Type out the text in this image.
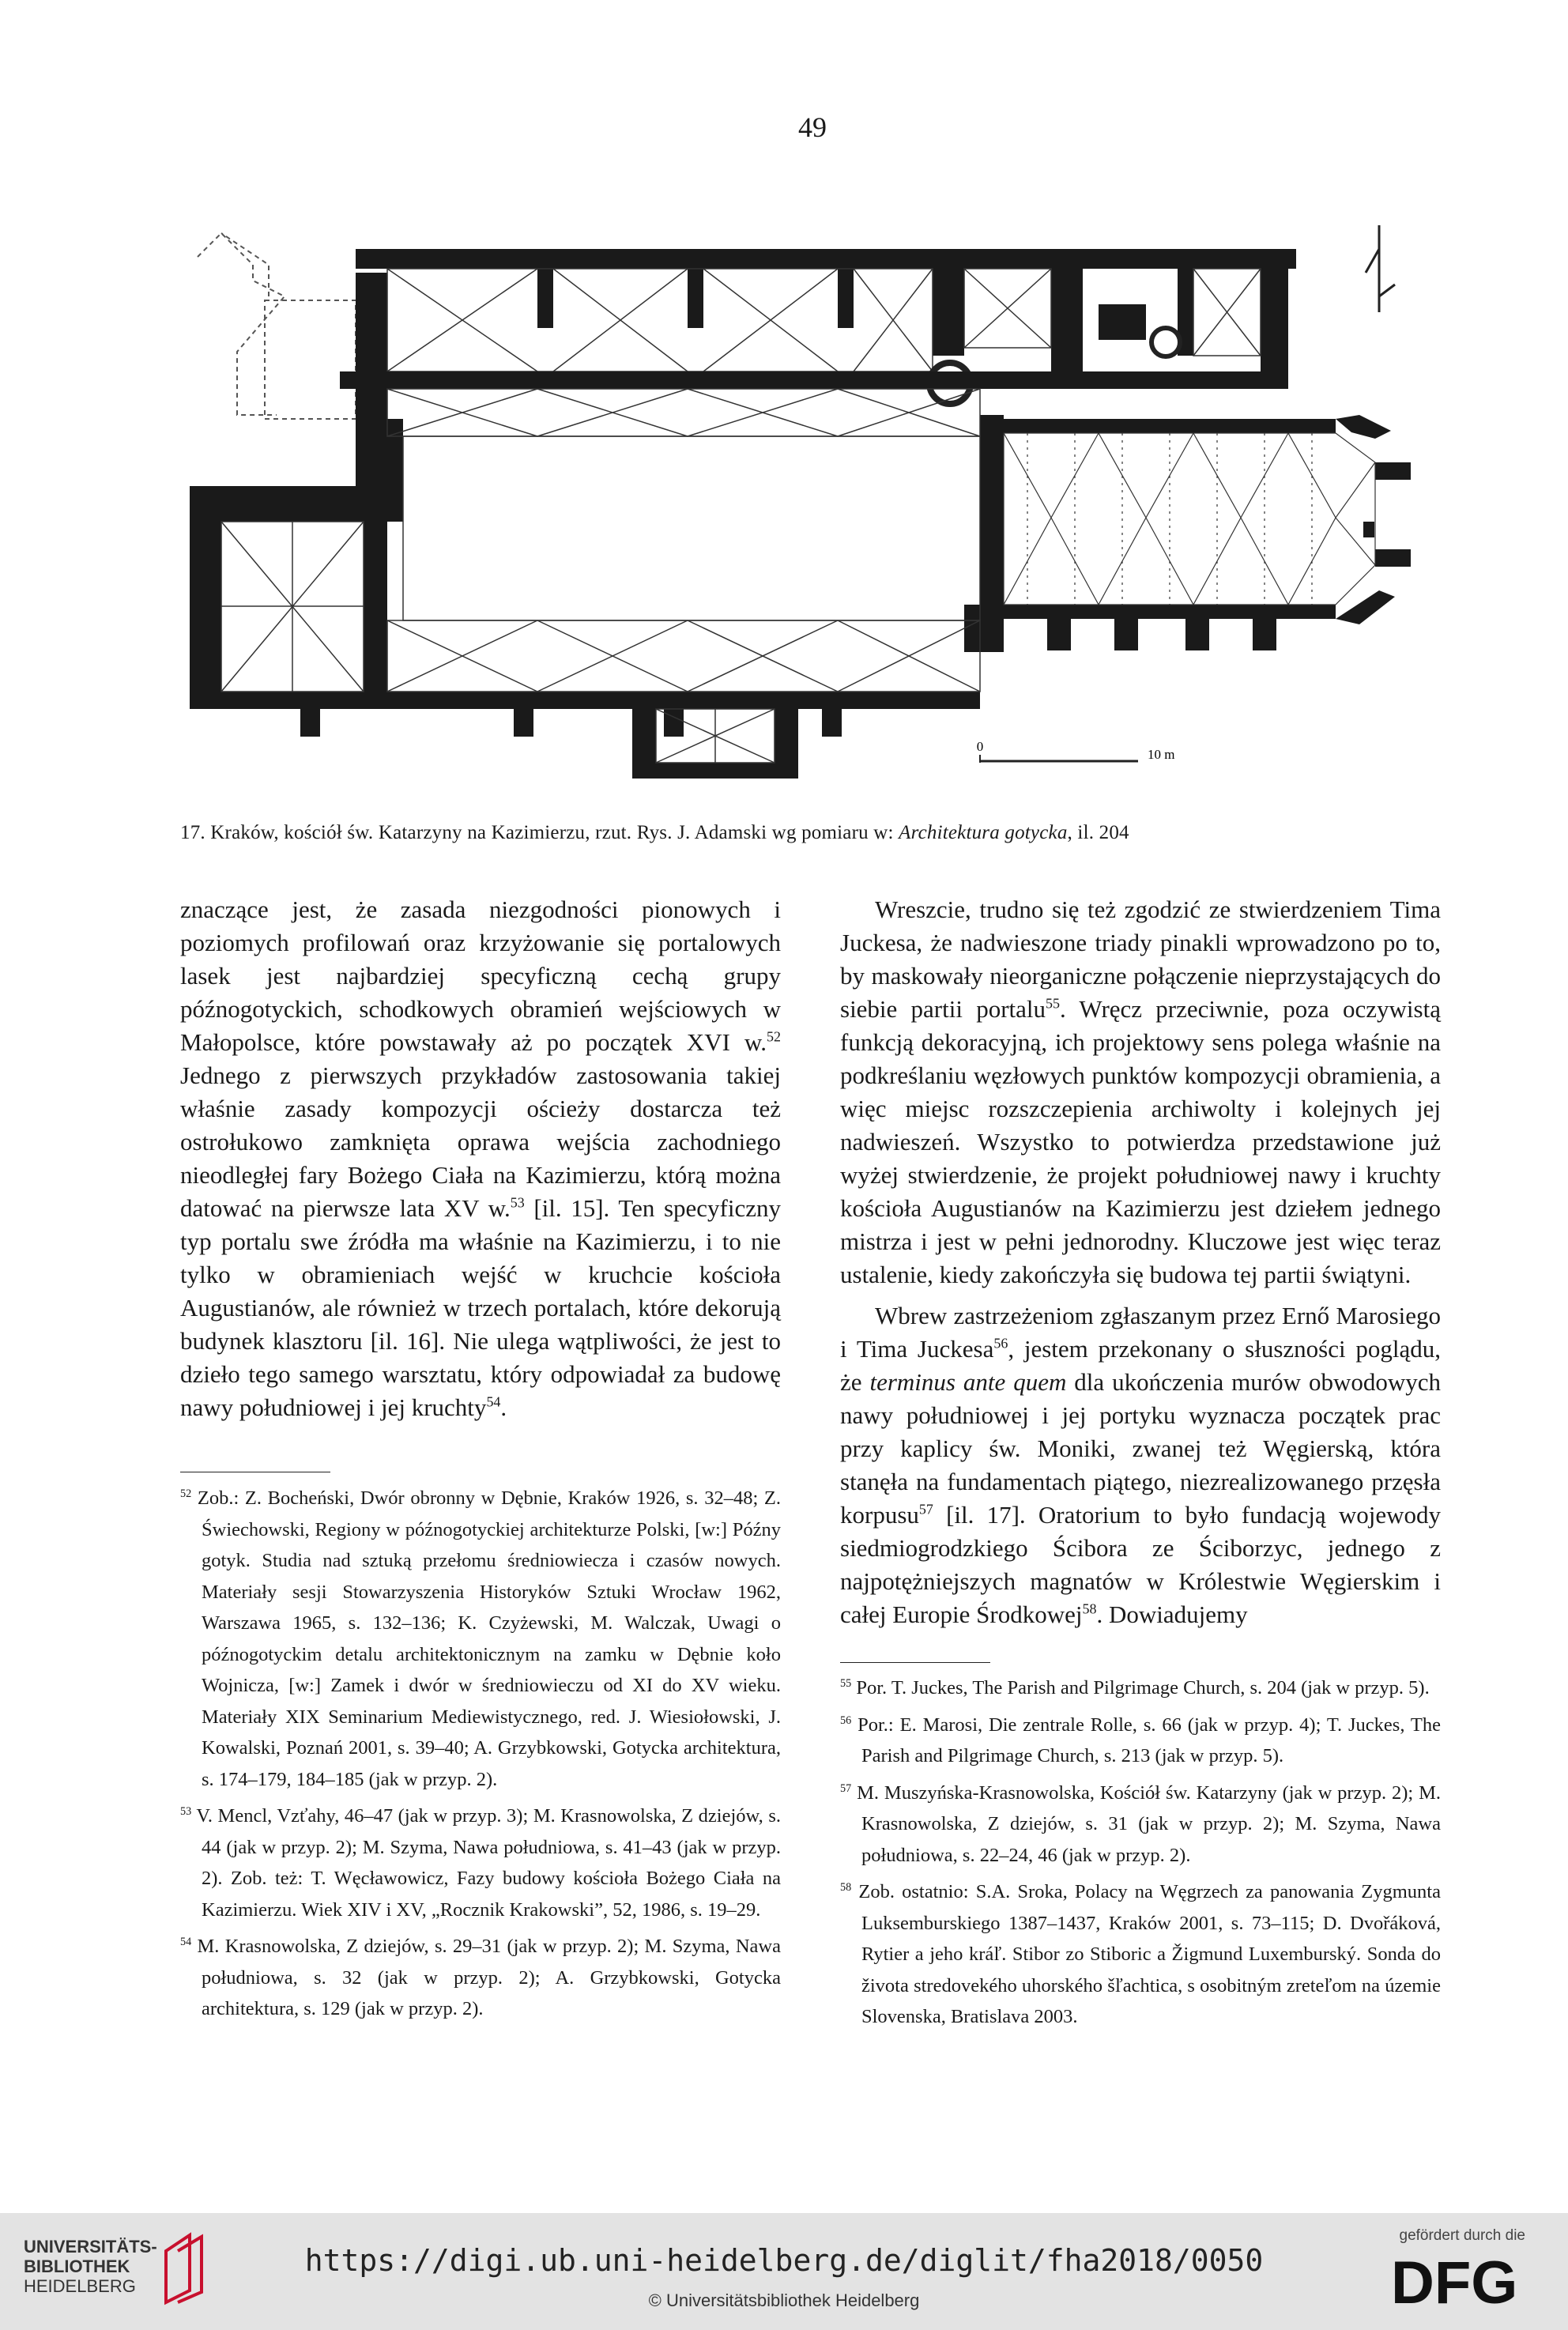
49
0
10 m
17. Kraków, kościół św. Katarzyny na Kazimierzu, rzut. Rys. J. Adamski wg pomiaru w: Architektura gotycka, il. 204

znaczące jest, że zasada niezgodności pionowych i poziomych profilowań oraz krzyżowanie się portalowych lasek jest najbardziej specyficzną cechą grupy późnogotyckich, schodkowych obramień wejściowych w Małopolsce, które powstawały aż po początek XVI w.$^{52}$ Jednego z pierwszych przykładów zastosowania takiej właśnie zasady kompozycji ościeży dostarcza też ostrołukowo zamknięta oprawa wejścia zachodniego nieodległej fary Bożego Ciała na Kazimierzu, którą można datować na pierwsze lata XV w.$^{53}$ [il. 15]. Ten specyficzny typ portalu swe źródła ma właśnie na Kazimierzu, i to nie tylko w obramieniach wejść w kruchcie kościoła Augustianów, ale również w trzech portalach, które dekorują budynek klasztoru [il. 16]. Nie ulega wątpliwości, że jest to dzieło tego samego warsztatu, który odpowiadał za budowę nawy południowej i jej kruchty$^{54}$.

$^{52}$ Zob.: Z. Bocheński, Dwór obronny w Dębnie, Kraków 1926, s. 32–48; Z. Świechowski, Regiony w późnogotyckiej architekturze Polski, [w:] Późny gotyk. Studia nad sztuką przełomu średniowiecza i czasów nowych. Materiały sesji Stowarzyszenia Historyków Sztuki Wrocław 1962, Warszawa 1965, s. 132–136; K. Czyżewski, M. Walczak, Uwagi o późnogotyckim detalu architektonicznym na zamku w Dębnie koło Wojnicza, [w:] Zamek i dwór w średniowieczu od XI do XV wieku. Materiały XIX Seminarium Mediewistycznego, red. J. Wiesiołowski, J. Kowalski, Poznań 2001, s. 39–40; A. Grzybkowski, Gotycka architektura, s. 174–179, 184–185 (jak w przyp. 2).

$^{53}$ V. Mencl, Vzťahy, 46–47 (jak w przyp. 3); M. Krasnowolska, Z dziejów, s. 44 (jak w przyp. 2); M. Szyma, Nawa południowa, s. 41–43 (jak w przyp. 2). Zob. też: T. Węcławowicz, Fazy budowy kościoła Bożego Ciała na Kazimierzu. Wiek XIV i XV, „Rocznik Krakowski”, 52, 1986, s. 19–29.

$^{54}$ M. Krasnowolska, Z dziejów, s. 29–31 (jak w przyp. 2); M. Szyma, Nawa południowa, s. 32 (jak w przyp. 2); A. Grzybkowski, Gotycka architektura, s. 129 (jak w przyp. 2).

Wreszcie, trudno się też zgodzić ze stwierdzeniem Tima Juckesa, że nadwieszone triady pinakli wprowadzono po to, by maskowały nieorganiczne połączenie nieprzystających do siebie partii portalu$^{55}$. Wręcz przeciwnie, poza oczywistą funkcją dekoracyjną, ich projektowy sens polega właśnie na podkreślaniu węzłowych punktów kompozycji obramienia, a więc miejsc rozszczepienia archiwolty i kolejnych jej nadwieszeń. Wszystko to potwierdza przedstawione już wyżej stwierdzenie, że projekt południowej nawy i kruchty kościoła Augustianów na Kazimierzu jest dziełem jednego mistrza i jest w pełni jednorodny. Kluczowe jest więc teraz ustalenie, kiedy zakończyła się budowa tej partii świątyni.

Wbrew zastrzeżeniom zgłaszanym przez Ernő Marosiego i Tima Juckesa$^{56}$, jestem przekonany o słuszności poglądu, że terminus ante quem dla ukończenia murów obwodowych nawy południowej i jej portyku wyznacza początek prac przy kaplicy św. Moniki, zwanej też Węgierską, która stanęła na fundamentach piątego, niezrealizowanego przęsła korpusu$^{57}$ [il. 17]. Oratorium to było fundacją wojewody siedmiogrodzkiego Ścibora ze Ściborzyc, jednego z najpotężniejszych magnatów w Królestwie Węgierskim i całej Europie Środkowej$^{58}$. Dowiadujemy

$^{55}$ Por. T. Juckes, The Parish and Pilgrimage Church, s. 204 (jak w przyp. 5).

$^{56}$ Por.: E. Marosi, Die zentrale Rolle, s. 66 (jak w przyp. 4); T. Juckes, The Parish and Pilgrimage Church, s. 213 (jak w przyp. 5).

$^{57}$ M. Muszyńska-Krasnowolska, Kościół św. Katarzyny (jak w przyp. 2); M. Krasnowolska, Z dziejów, s. 31 (jak w przyp. 2); M. Szyma, Nawa południowa, s. 22–24, 46 (jak w przyp. 2).

$^{58}$ Zob. ostatnio: S.A. Sroka, Polacy na Węgrzech za panowania Zygmunta Luksemburskiego 1387–1437, Kraków 2001, s. 73–115; D. Dvořáková, Rytier a jeho kráľ. Stibor zo Stiboric a Žigmund Luxemburský. Sonda do života stredovekého uhorského šľachtica, s osobitným zreteľom na územie Slovenska, Bratislava 2003.

UNIVERSITÄTS-
BIBLIOTHEK
HEIDELBERG
https://digi.ub.uni-heidelberg.de/diglit/fha2018/0050
© Universitätsbibliothek Heidelberg
gefördert durch die
DFG
